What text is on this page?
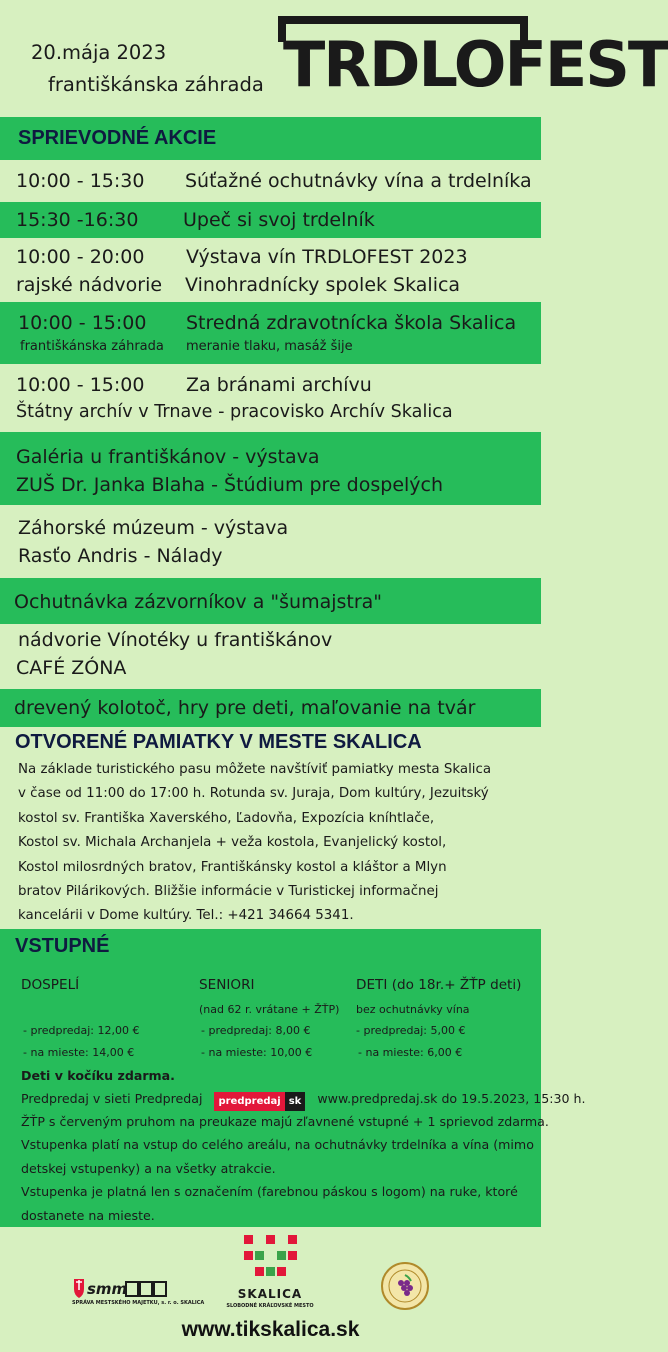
20.mája 2023
františkánska záhrada TRDLOFEST
SPRIEVODNÉ AKCIE
10:00 - 15:30 Súťažné ochutnávky vína a trdelníka
15:30 -16:30 Upeč si svoj trdelník
10:00 - 20:00 Výstava vín TRDLOFEST 2023
rajské nádvorie Vinohradnícky spolek Skalica
10:00 - 15:00 Stredná zdravotnícka škola Skalica
františkánska záhrada meranie tlaku, masáž šije
10:00 - 15:00 Za bránami archívu
Štátny archív v Trnave - pracovisko Archív Skalica
Galéria u františkánov - výstava
ZUŠ Dr. Janka Blaha - Štúdium pre dospelých
Záhorské múzeum - výstava
Rasťo Andris - Nálady
Ochutnávka zázvorníkov a "šumajstra"
nádvorie Vínotéky u františkánov
CAFÉ ZÓNA
drevený kolotoč, hry pre deti, maľovanie na tvár
OTVORENÉ PAMIATKY V MESTE SKALICA
Na základe turistického pasu môžete navštíviť pamiatky mesta Skalica
v čase od 11:00 do 17:00 h. Rotunda sv. Juraja, Dom kultúry, Jezuitský
kostol sv. Františka Xaverského, Ľadovňa, Expozícia kníhtlače,
Kostol sv. Michala Archanjela + veža kostola, Evanjelický kostol,
Kostol milosrdných bratov, Františkánsky kostol a kláštor a Mlyn
bratov Pilárikových. Bližšie informácie v Turistickej informačnej
kancelárii v Dome kultúry. Tel.: +421 34664 5341.
VSTUPNÉ
DOSPELÍ
- predpredaj: 12,00 €
- na mieste: 14,00 €
SENIORI
(nad 62 r. vrátane + ŽŤP)
- predpredaj: 8,00 €
- na mieste: 10,00 €
DETI (do 18r.+ ŽŤP deti)
bez ochutnávky vína
- predpredaj: 5,00 €
- na mieste: 6,00 €
Deti v kočíku zdarma.
Predpredaj v sieti Predpredaj predpredaj sk www.predpredaj.sk do 19.5.2023, 15:30 h.
ŽŤP s červeným pruhom na preukaze majú zľavnené vstupné + 1 sprievod zdarma.
Vstupenka platí na vstup do celého areálu, na ochutnávky trdelníka a vína (mimo
detskej vstupenky) a na všetky atrakcie.
Vstupenka je platná len s označením (farebnou páskou s logom) na ruke, ktoré
dostanete na mieste.
smm
SPRÁVA MESTSKÉHO MAJETKU, s. r. o. SKALICA
SKALICA
SLOBODNÉ KRÁĽOVSKÉ MESTO
www.tikskalica.sk
